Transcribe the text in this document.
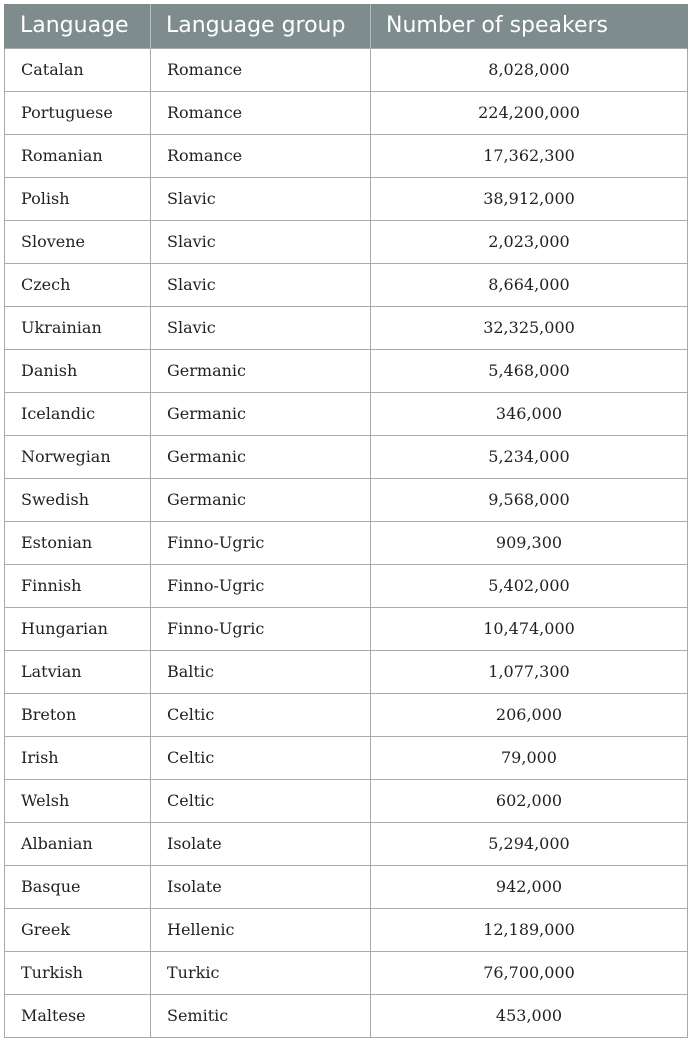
Language	Language group	Number of speakers
Catalan	Romance	8,028,000
Portuguese	Romance	224,200,000
Romanian	Romance	17,362,300
Polish	Slavic	38,912,000
Slovene	Slavic	2,023,000
Czech	Slavic	8,664,000
Ukrainian	Slavic	32,325,000
Danish	Germanic	5,468,000
Icelandic	Germanic	346,000
Norwegian	Germanic	5,234,000
Swedish	Germanic	9,568,000
Estonian	Finno-Ugric	909,300
Finnish	Finno-Ugric	5,402,000
Hungarian	Finno-Ugric	10,474,000
Latvian	Baltic	1,077,300
Breton	Celtic	206,000
Irish	Celtic	79,000
Welsh	Celtic	602,000
Albanian	Isolate	5,294,000
Basque	Isolate	942,000
Greek	Hellenic	12,189,000
Turkish	Turkic	76,700,000
Maltese	Semitic	453,000
